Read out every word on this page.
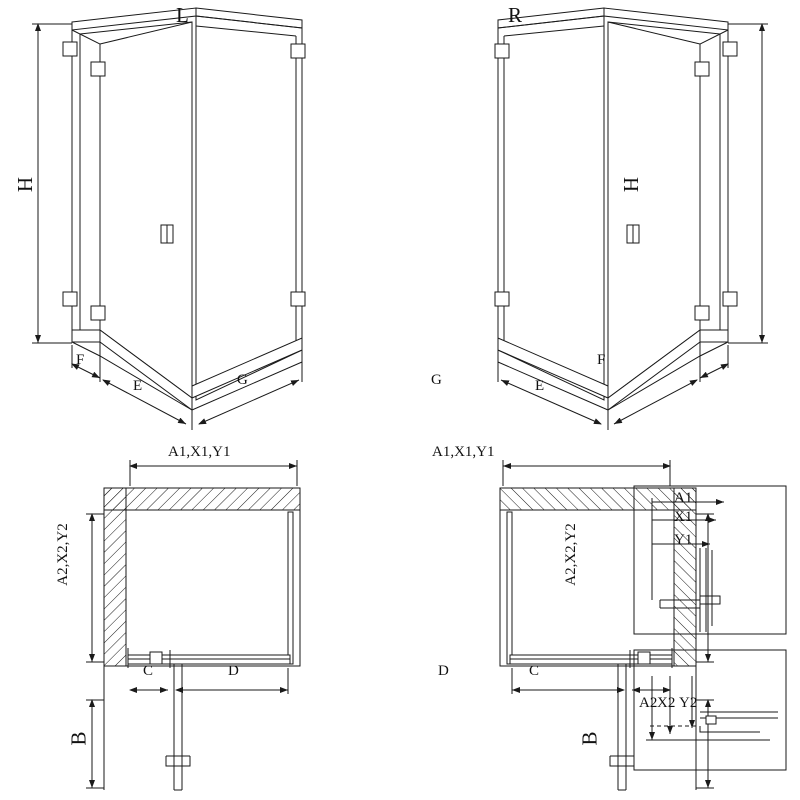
L	R
H	H
F
E	G
F
E
G
A1,X1,Y1	A1,X1,Y1
A2,X2,Y2	A2,X2,Y2
C	D
B
C
D
B
A1
X1
Y1
A2 X2 Y2
